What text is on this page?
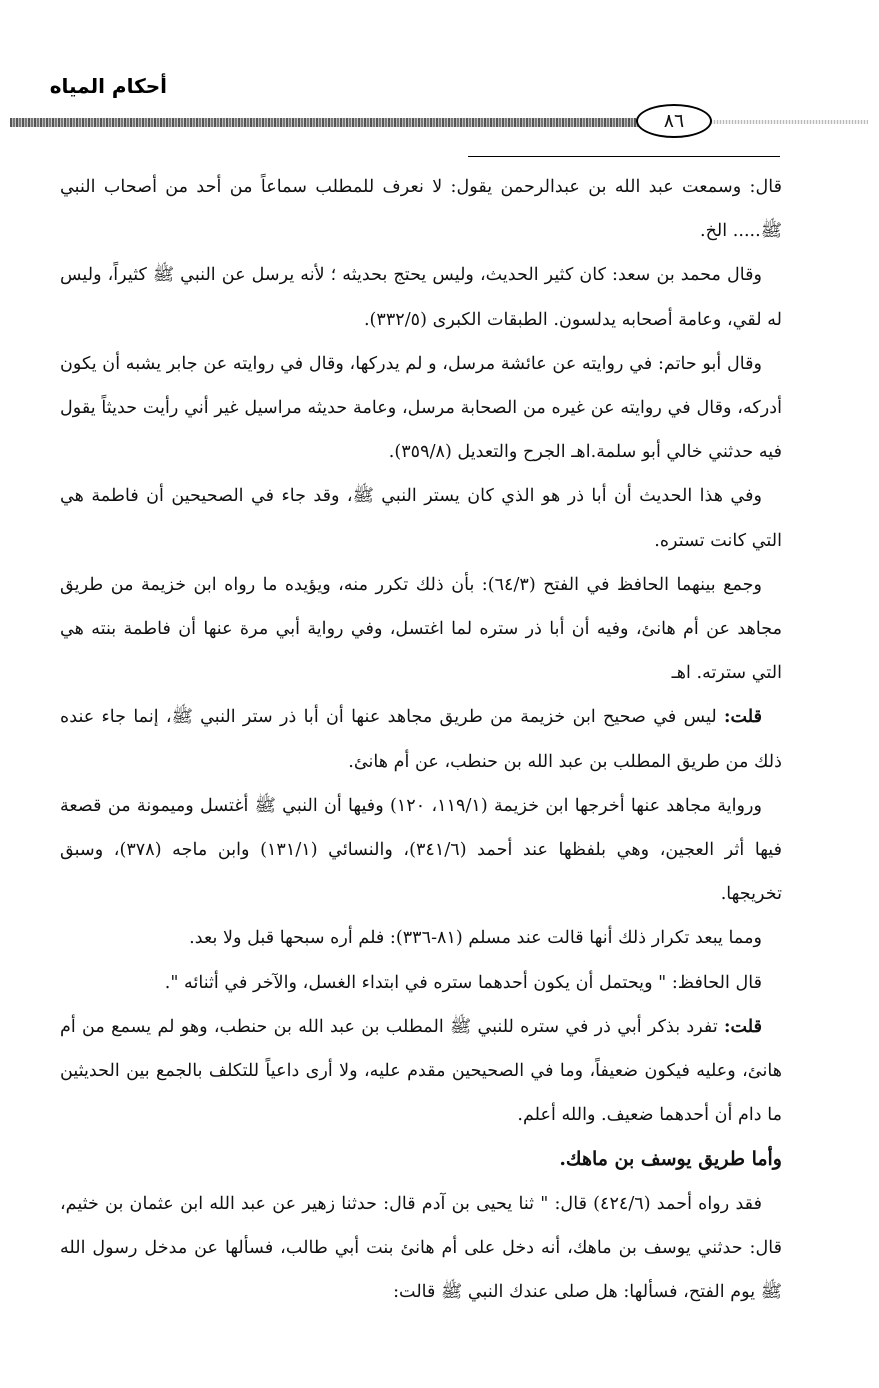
أحكام المياه
٨٦

قال: وسمعت عبد الله بن عبدالرحمن يقول: لا نعرف للمطلب سماعاً من أحد من أصحاب النبي ﷺ..... الخ.

وقال محمد بن سعد: كان كثير الحديث، وليس يحتج بحديثه ؛ لأنه يرسل عن النبي ﷺ كثيراً، وليس له لقي، وعامة أصحابه يدلسون. الطبقات الكبرى (٣٣٢/٥).

وقال أبو حاتم: في روايته عن عائشة مرسل، و لم يدركها، وقال في روايته عن جابر يشبه أن يكون أدركه، وقال في روايته عن غيره من الصحابة مرسل، وعامة حديثه مراسيل غير أني رأيت حديثاً يقول فيه حدثني خالي أبو سلمة.اهـ الجرح والتعديل (٣٥٩/٨).

وفي هذا الحديث أن أبا ذر هو الذي كان يستر النبي ﷺ، وقد جاء في الصحيحين أن فاطمة هي التي كانت تستره.

وجمع بينهما الحافظ في الفتح (٦٤/٣): بأن ذلك تكرر منه، ويؤيده ما رواه ابن خزيمة من طريق مجاهد عن أم هانئ، وفيه أن أبا ذر ستره لما اغتسل، وفي رواية أبي مرة عنها أن فاطمة بنته هي التي سترته. اهـ

قلت: ليس في صحيح ابن خزيمة من طريق مجاهد عنها أن أبا ذر ستر النبي ﷺ، إنما جاء عنده ذلك من طريق المطلب بن عبد الله بن حنطب، عن أم هانئ.

ورواية مجاهد عنها أخرجها ابن خزيمة (١١٩/١، ١٢٠) وفيها أن النبي ﷺ أغتسل وميمونة من قصعة فيها أثر العجين، وهي بلفظها عند أحمد (٣٤١/٦)، والنسائي (١٣١/١) وابن ماجه (٣٧٨)، وسبق تخريجها.

ومما يبعد تكرار ذلك أنها قالت عند مسلم (٨١-٣٣٦): فلم أره سبحها قبل ولا بعد.

قال الحافظ: " ويحتمل أن يكون أحدهما ستره في ابتداء الغسل، والآخر في أثنائه ".

قلت: تفرد بذكر أبي ذر في ستره للنبي ﷺ المطلب بن عبد الله بن حنطب، وهو لم يسمع من أم هانئ، وعليه فيكون ضعيفاً، وما في الصحيحين مقدم عليه، ولا أرى داعياً للتكلف بالجمع بين الحديثين ما دام أن أحدهما ضعيف. والله أعلم.

وأما طريق يوسف بن ماهك.

فقد رواه أحمد (٤٢٤/٦) قال: " ثنا يحيى بن آدم قال: حدثنا زهير عن عبد الله ابن عثمان بن خثيم، قال: حدثني يوسف بن ماهك، أنه دخل على أم هانئ بنت أبي طالب، فسألها عن مدخل رسول الله ﷺ يوم الفتح، فسألها: هل صلى عندك النبي ﷺ قالت:
